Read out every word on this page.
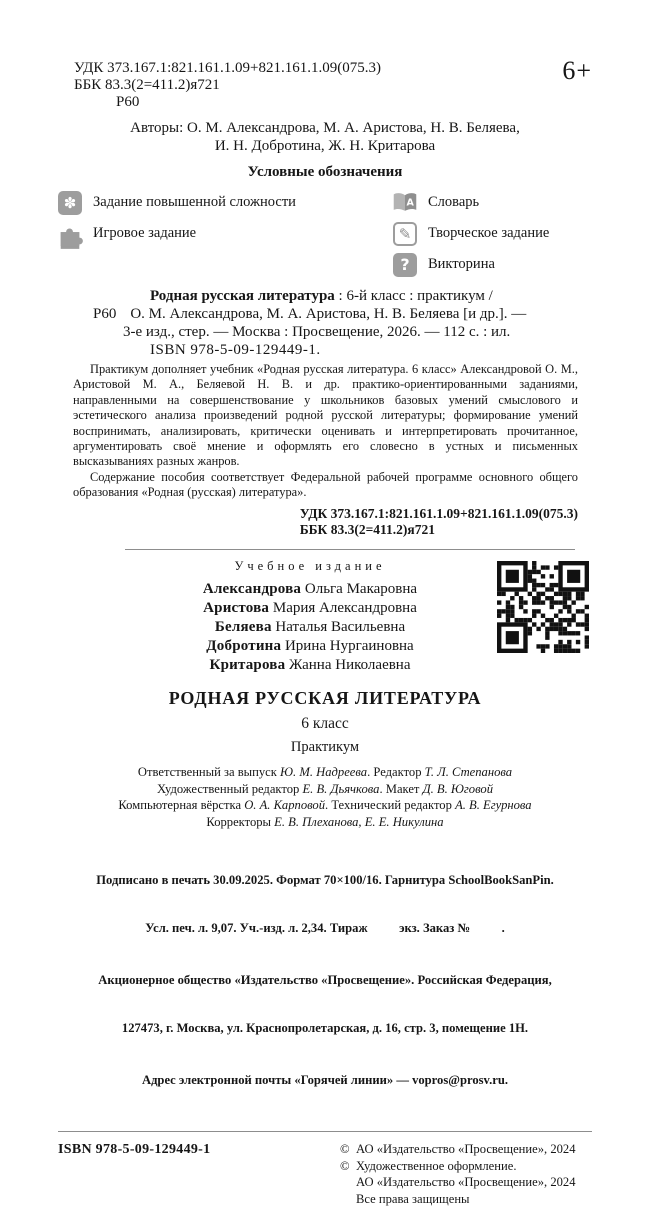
УДК 373.167.1:821.161.1.09+821.161.1.09(075.3)
ББК 83.3(2=411.2)я721
Р60
6+
Авторы: О. М. Александрова, М. А. Аристова, Н. В. Беляева,
И. Н. Добротина, Ж. Н. Критарова
Условные обозначения
✽	Задание повышенной сложности
Игровое задание
A Словарь
✎	Творческое задание
?	Викторина
Родная русская литература : 6-й класс : практикум /
Р60 О. М. Александрова, М. А. Аристова, Н. В. Беляева [и др.]. —
3-е изд., стер. — Москва : Просвещение, 2026. — 112 с. : ил.
ISBN 978-5-09-129449-1.

Практикум дополняет учебник «Родная русская литература. 6 класс» Александровой О. М., Аристовой М. А., Беляевой Н. В. и др. практико-ориентированными заданиями, направленными на совершенствование у школьников базовых умений смыслового и эстетического анализа произведений родной русской литературы; формирование умений воспринимать, анализировать, критически оценивать и интерпретировать прочитанное, аргументировать своё мнение и оформлять его словесно в устных и письменных высказываниях разных жанров.

Содержание пособия соответствует Федеральной рабочей программе основного общего образования «Родная (русская) литература».

УДК 373.167.1:821.161.1.09+821.161.1.09(075.3)
ББК 83.3(2=411.2)я721
Учебное издание
Александрова Ольга Макаровна
Аристова Мария Александровна
Беляева Наталья Васильевна
Добротина Ирина Нургаиновна
Критарова Жанна Николаевна
РОДНАЯ РУССКАЯ ЛИТЕРАТУРА
6 класс
Практикум
Ответственный за выпуск Ю. М. Надреева. Редактор Т. Л. Степанова
Художественный редактор Е. В. Дьячкова. Макет Д. В. Юговой
Компьютерная вёрстка О. А. Карповой. Технический редактор А. В. Егурнова
Корректоры Е. В. Плеханова, Е. Е. Никулина

Подписано в печать 30.09.2025. Формат 70×100/16. Гарнитура SchoolBookSanPin.

Усл. печ. л. 9,07. Уч.-изд. л. 2,34. Тираж          экз. Заказ №          .

Акционерное общество «Издательство «Просвещение». Российская Федерация,

127473, г. Москва, ул. Краснопролетарская, д. 16, стр. 3, помещение 1Н.

Адрес электронной почты «Горячей линии» — vopros@prosv.ru.

ISBN 978-5-09-129449-1	© АО «Издательство «Просвещение», 2024
© Художественное оформление.
АО «Издательство «Просвещение», 2024
Все права защищены
